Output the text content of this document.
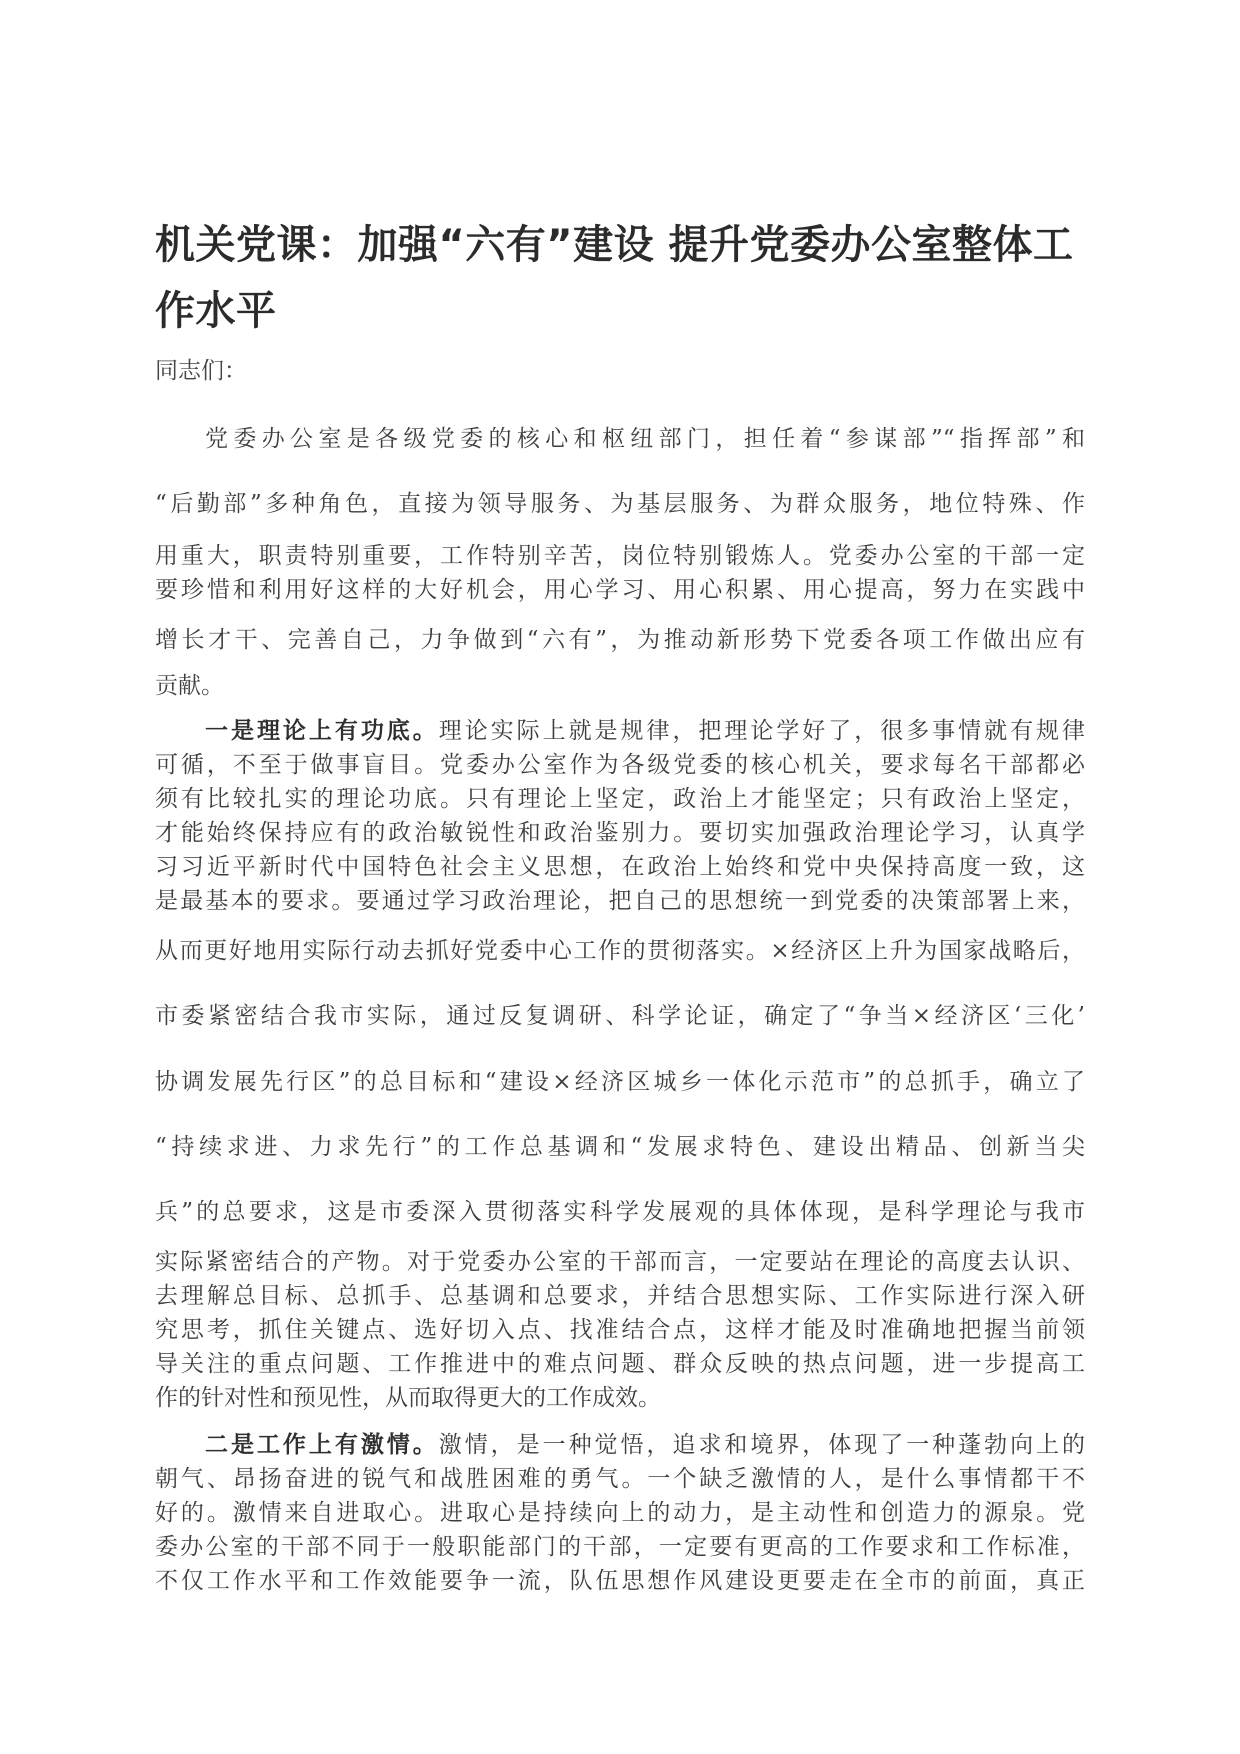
机关党课：加强“六有”建设 提升党委办公室整体工作水平
同志们：
党委办公室是各级党委的核心和枢纽部门，担任着“参谋部”“指挥部”和
“后勤部”多种角色，直接为领导服务、为基层服务、为群众服务，地位特殊、作
用重大，职责特别重要，工作特别辛苦，岗位特别锻炼人。党委办公室的干部一定
要珍惜和利用好这样的大好机会，用心学习、用心积累、用心提高，努力在实践中
增长才干、完善自己，力争做到“六有”，为推动新形势下党委各项工作做出应有
贡献。
一是理论上有功底。理论实际上就是规律，把理论学好了，很多事情就有规律
可循，不至于做事盲目。党委办公室作为各级党委的核心机关，要求每名干部都必
须有比较扎实的理论功底。只有理论上坚定，政治上才能坚定；只有政治上坚定，
才能始终保持应有的政治敏锐性和政治鉴别力。要切实加强政治理论学习，认真学
习习近平新时代中国特色社会主义思想，在政治上始终和党中央保持高度一致，这
是最基本的要求。要通过学习政治理论，把自己的思想统一到党委的决策部署上来，
从而更好地用实际行动去抓好党委中心工作的贯彻落实。×经济区上升为国家战略后，
市委紧密结合我市实际，通过反复调研、科学论证，确定了“争当×经济区‘三化’
协调发展先行区”的总目标和“建设×经济区城乡一体化示范市”的总抓手，确立了
“持续求进、力求先行”的工作总基调和“发展求特色、建设出精品、创新当尖
兵”的总要求，这是市委深入贯彻落实科学发展观的具体体现，是科学理论与我市
实际紧密结合的产物。对于党委办公室的干部而言，一定要站在理论的高度去认识、
去理解总目标、总抓手、总基调和总要求，并结合思想实际、工作实际进行深入研
究思考，抓住关键点、选好切入点、找准结合点，这样才能及时准确地把握当前领
导关注的重点问题、工作推进中的难点问题、群众反映的热点问题，进一步提高工
作的针对性和预见性，从而取得更大的工作成效。
二是工作上有激情。激情，是一种觉悟，追求和境界，体现了一种蓬勃向上的
朝气、昂扬奋进的锐气和战胜困难的勇气。一个缺乏激情的人，是什么事情都干不
好的。激情来自进取心。进取心是持续向上的动力，是主动性和创造力的源泉。党
委办公室的干部不同于一般职能部门的干部，一定要有更高的工作要求和工作标准，
不仅工作水平和工作效能要争一流，队伍思想作风建设更要走在全市的前面，真正
